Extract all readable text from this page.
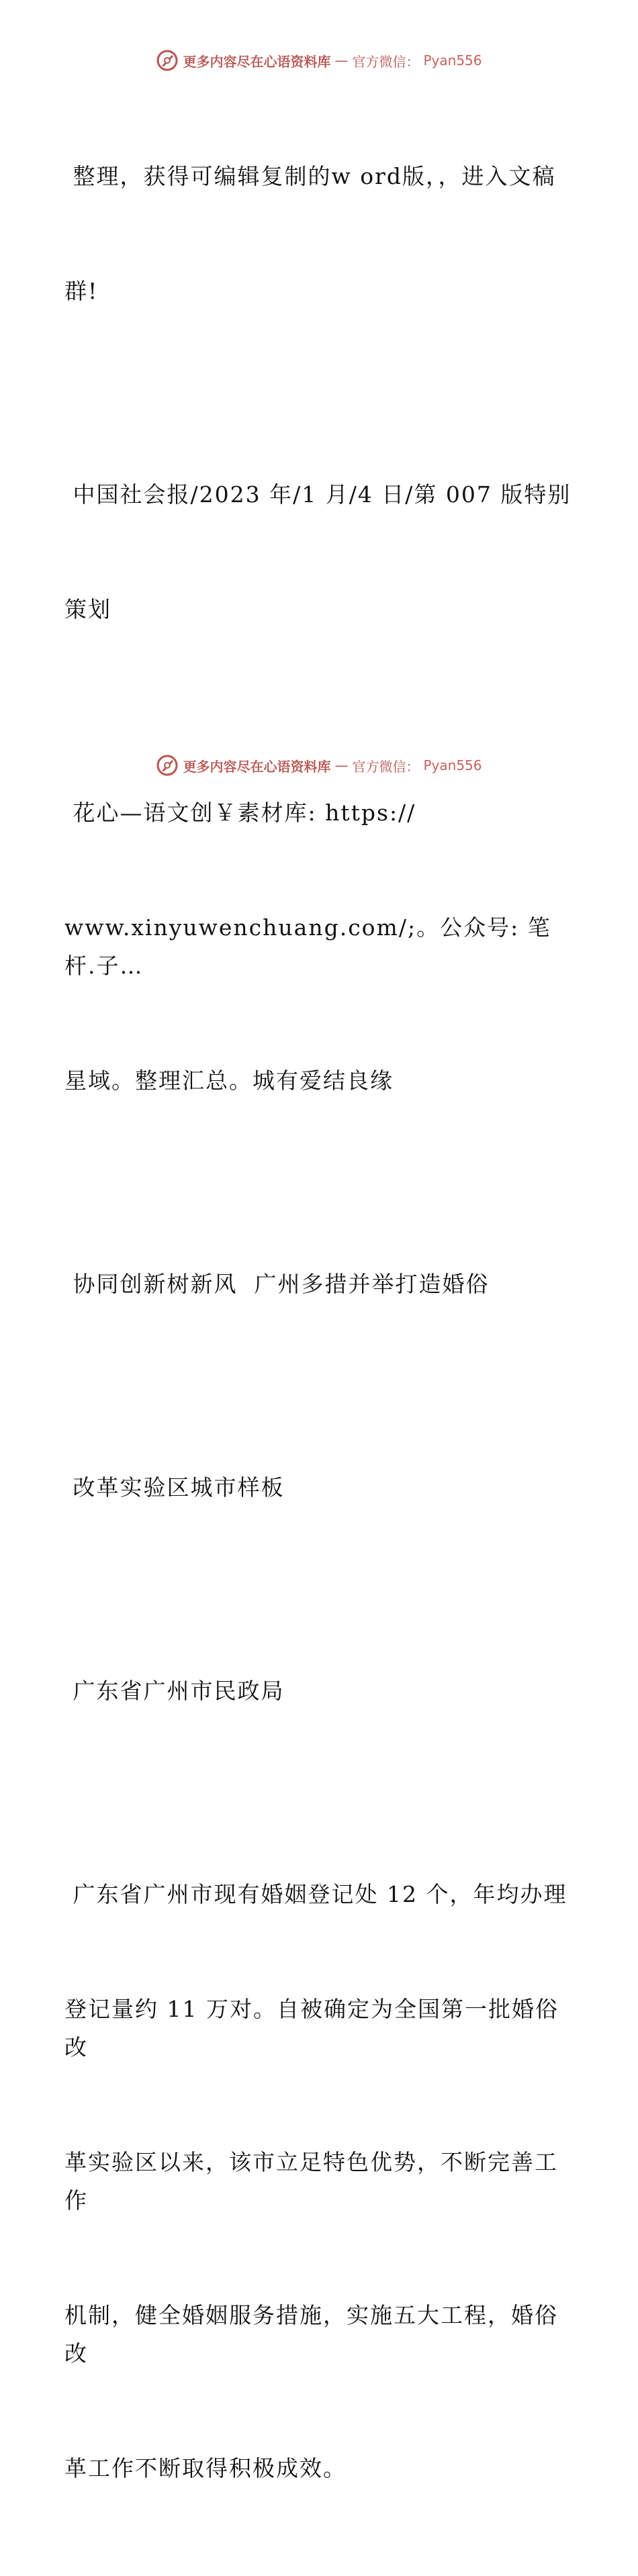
更多内容尽在心语资料库 — 官方微信： Pyan556

整理，获得可编辑复制的w ord版，，进入文稿

群!

中国社会报/2023 年/1 月/4 日/第 007 版特别

策划

花心—语文创￥素材库: https://

www.xinyuwenchuang.com/;。公众号: 笔杆.子…

星域。整理汇总。城有爱结良缘

协同创新树新风  广州多措并举打造婚俗

改革实验区城市样板

广东省广州市民政局

广东省广州市现有婚姻登记处 12 个，年均办理

登记量约 11 万对。自被确定为全国第一批婚俗改

革实验区以来，该市立足特色优势，不断完善工作

机制，健全婚姻服务措施，实施五大工程，婚俗改

革工作不断取得积极成效。

更多内容尽在心语资料库 — 官方微信： Pyan556
